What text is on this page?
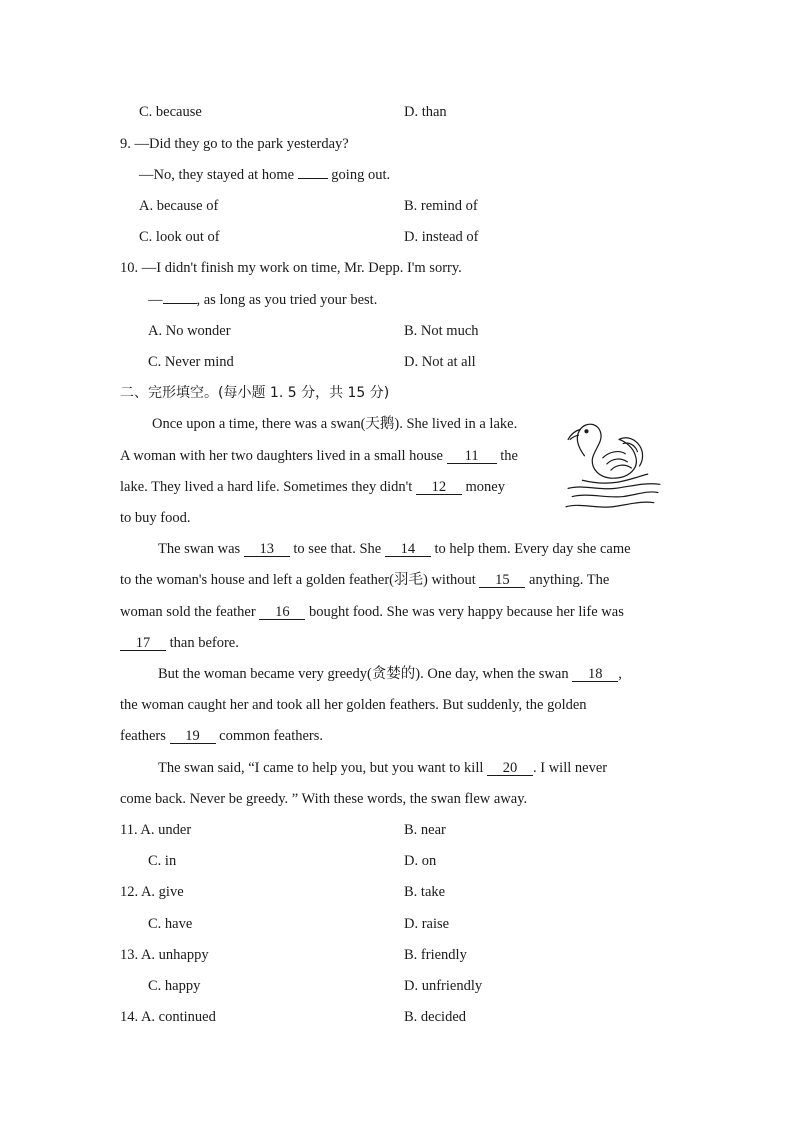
C. because	D. than
9. —Did they go to the park yesterday?
—No, they stayed at home	going out.
A. because of	B. remind of
C. look out of	D. instead of
10. —I didn't finish my work on time, Mr. Depp. I'm sorry.
— , as long as you tried your best.
A. No wonder	B. Not much
C. Never mind	D. Not at all
二、完形填空。(每小题 1. 5 分，共 15 分)
Once upon a time, there was a swan(天鹅). She lived in a lake.
A woman with her two daughters lived in a small house 11 the
lake. They lived a hard life. Sometimes they didn't 12 money
to buy food.
The swan was 13 to see that. She 14 to help them. Every day she came
to the woman's house and left a golden feather(羽毛) without 15 anything. The
woman sold the feather 16 bought food. She was very happy because her life was
17 than before.
But the woman became very greedy(贪婪的). One day, when the swan 18 ,
the woman caught her and took all her golden feathers. But suddenly, the golden
feathers 19 common feathers.
The swan said, “I came to help you, but you want to kill 20 . I will never
come back. Never be greedy. ” With these words, the swan flew away.
11. A. under	B. near
C. in	D. on
12. A. give	B. take
C. have	D. raise
13. A. unhappy	B. friendly
C. happy	D. unfriendly
14. A. continued	B. decided
